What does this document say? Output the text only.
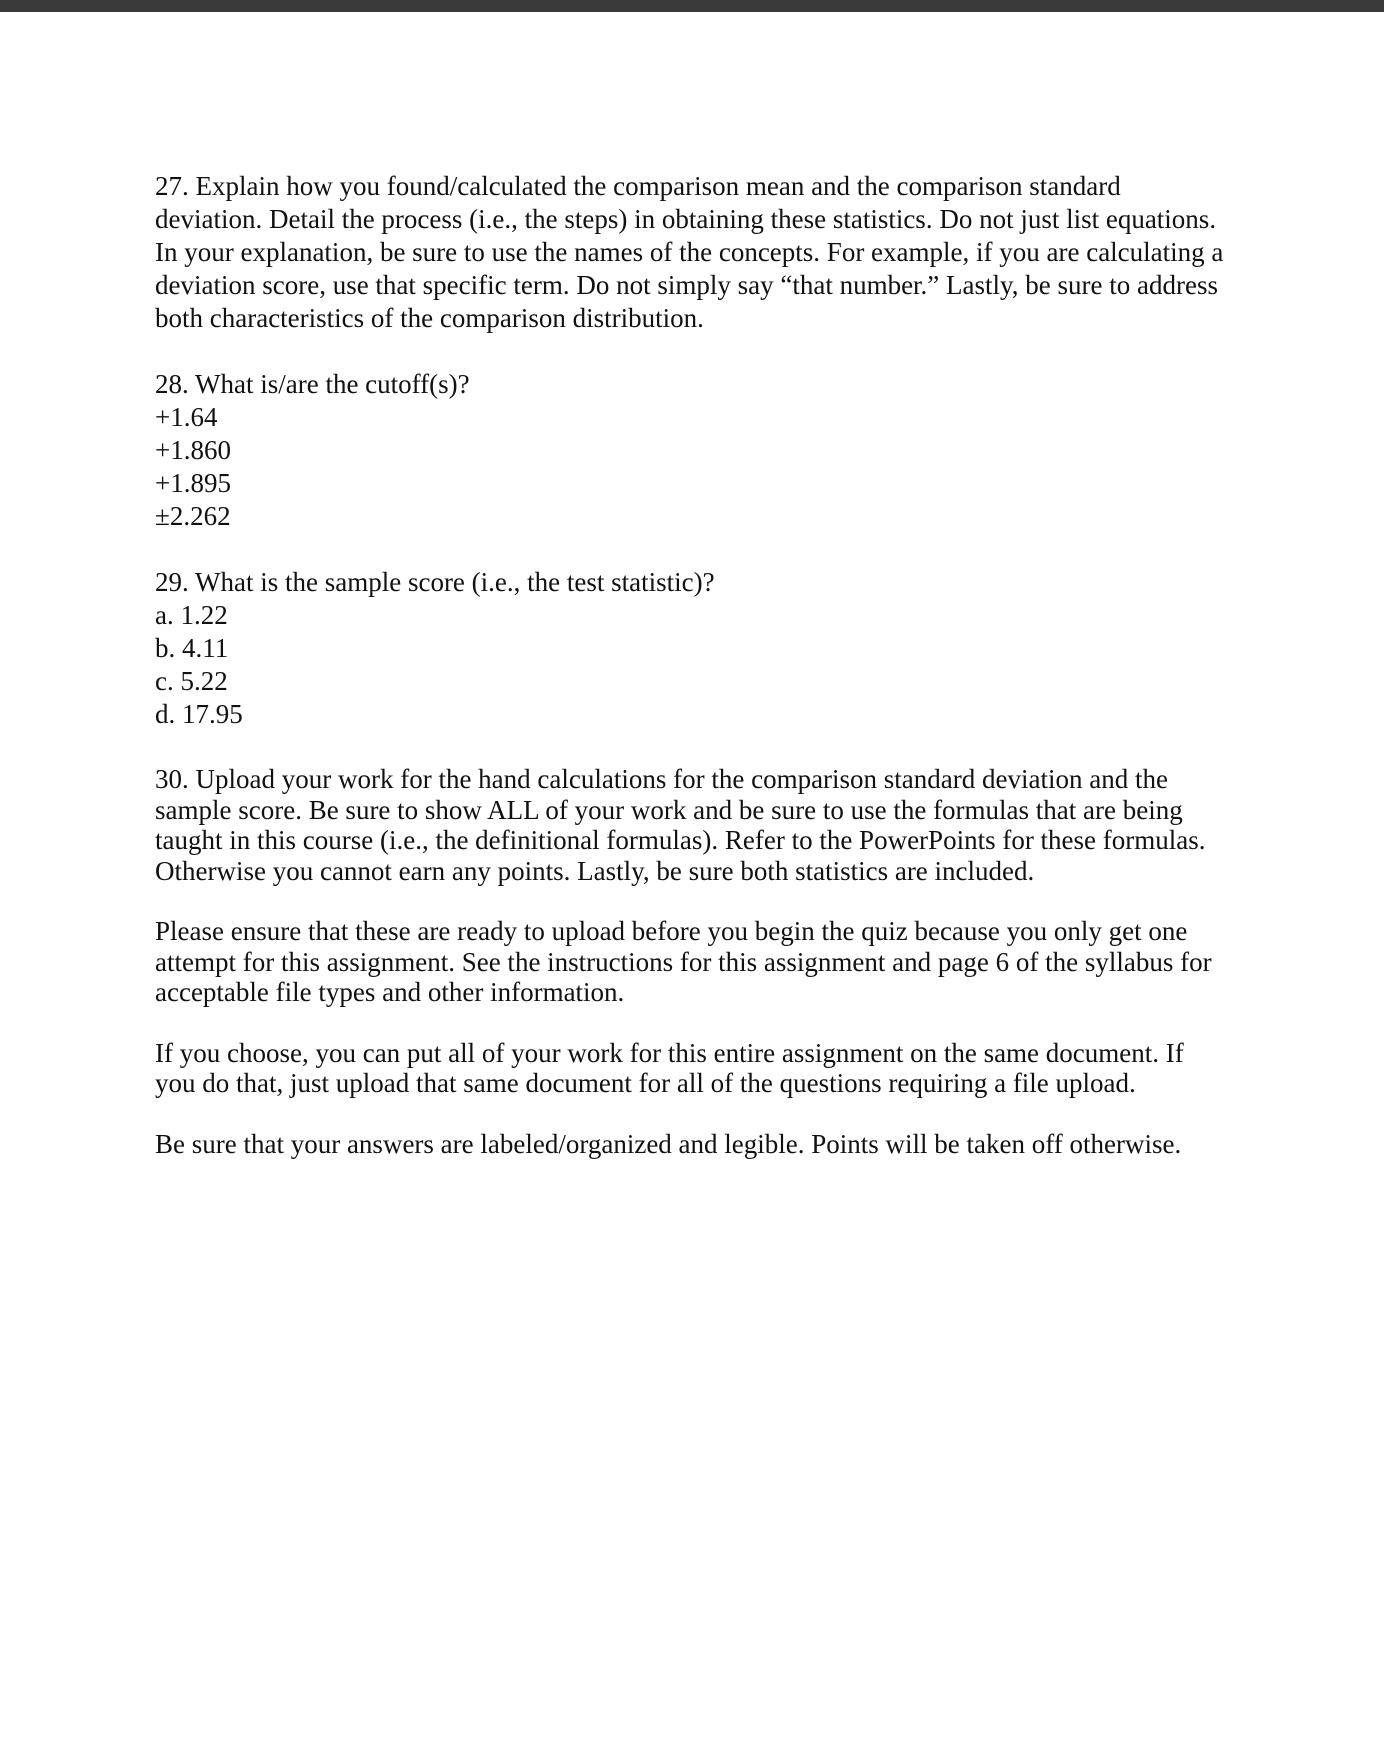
27. Explain how you found/calculated the comparison mean and the comparison standard deviation. Detail the process (i.e., the steps) in obtaining these statistics. Do not just list equations. In your explanation, be sure to use the names of the concepts. For example, if you are calculating a deviation score, use that specific term. Do not simply say “that number.” Lastly, be sure to address both characteristics of the comparison distribution.

28. What is/are the cutoff(s)?
+1.64
+1.860
+1.895
±2.262
29. What is the sample score (i.e., the test statistic)?
a. 1.22
b. 4.11
c. 5.22
d. 17.95

30. Upload your work for the hand calculations for the comparison standard deviation and the sample score. Be sure to show ALL of your work and be sure to use the formulas that are being taught in this course (i.e., the definitional formulas). Refer to the PowerPoints for these formulas. Otherwise you cannot earn any points. Lastly, be sure both statistics are included.

Please ensure that these are ready to upload before you begin the quiz because you only get one attempt for this assignment. See the instructions for this assignment and page 6 of the syllabus for acceptable file types and other information.

If you choose, you can put all of your work for this entire assignment on the same document. If you do that, just upload that same document for all of the questions requiring a file upload.

Be sure that your answers are labeled/organized and legible. Points will be taken off otherwise.
